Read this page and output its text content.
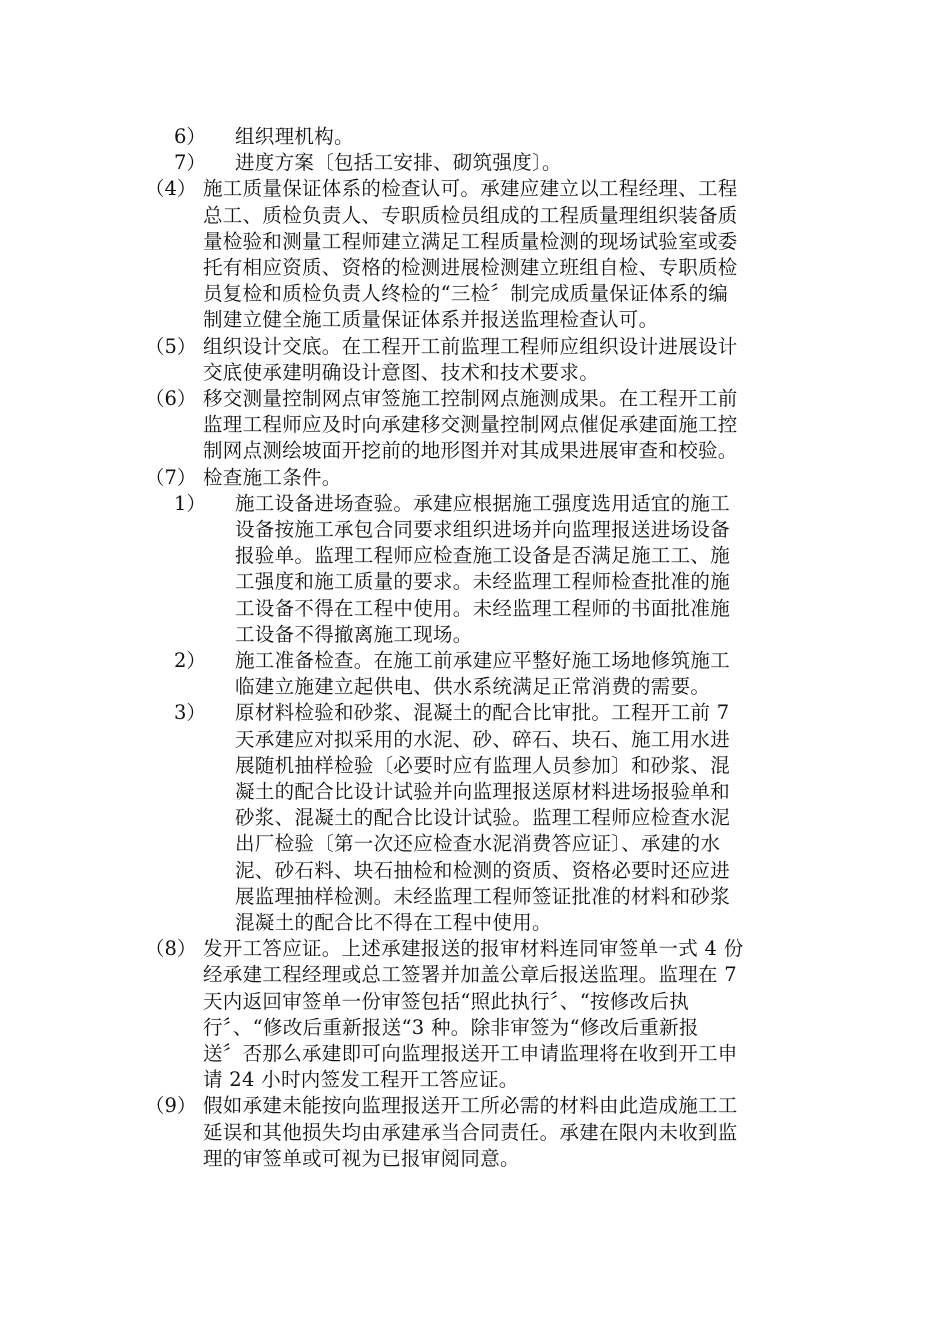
6） 组织理机构。
7） 进度方案〔包括工安排、砌筑强度〕。
（4） 施工质量保证体系的检查认可。承建应建立以工程经理、工程
总工、质检负责人、专职质检员组成的工程质量理组织装备质
量检验和测量工程师建立满足工程质量检测的现场试验室或委
托有相应资质、资格的检测进展检测建立班组自检、专职质检
员复检和质检负责人终检的“三检〞制完成质量保证体系的编
制建立健全施工质量保证体系并报送监理检查认可。
（5） 组织设计交底。在工程开工前监理工程师应组织设计进展设计
交底使承建明确设计意图、技术和技术要求。
（6） 移交测量控制网点审签施工控制网点施测成果。在工程开工前
监理工程师应及时向承建移交测量控制网点催促承建面施工控
制网点测绘坡面开挖前的地形图并对其成果进展审查和校验。
（7） 检查施工条件。
1） 施工设备进场查验。承建应根据施工强度选用适宜的施工
设备按施工承包合同要求组织进场并向监理报送进场设备
报验单。监理工程师应检查施工设备是否满足施工工、施
工强度和施工质量的要求。未经监理工程师检查批准的施
工设备不得在工程中使用。未经监理工程师的书面批准施
工设备不得撤离施工现场。
2） 施工准备检查。在施工前承建应平整好施工场地修筑施工
临建立施建立起供电、供水系统满足正常消费的需要。
3） 原材料检验和砂浆、混凝土的配合比审批。工程开工前 7
天承建应对拟采用的水泥、砂、碎石、块石、施工用水进
展随机抽样检验〔必要时应有监理人员参加〕和砂浆、混
凝土的配合比设计试验并向监理报送原材料进场报验单和
砂浆、混凝土的配合比设计试验。监理工程师应检查水泥
出厂检验〔第一次还应检查水泥消费答应证〕、承建的水
泥、砂石料、块石抽检和检测的资质、资格必要时还应进
展监理抽样检测。未经监理工程师签证批准的材料和砂浆
混凝土的配合比不得在工程中使用。
（8） 发开工答应证。上述承建报送的报审材料连同审签单一式 4 份
经承建工程经理或总工签署并加盖公章后报送监理。监理在 7
天内返回审签单一份审签包括“照此执行〞、“按修改后执
行〞、“修改后重新报送“3 种。除非审签为“修改后重新报
送〞否那么承建即可向监理报送开工申请监理将在收到开工申
请 24 小时内签发工程开工答应证。
（9） 假如承建未能按向监理报送开工所必需的材料由此造成施工工
延误和其他损失均由承建承当合同责任。承建在限内未收到监
理的审签单或可视为已报审阅同意。
